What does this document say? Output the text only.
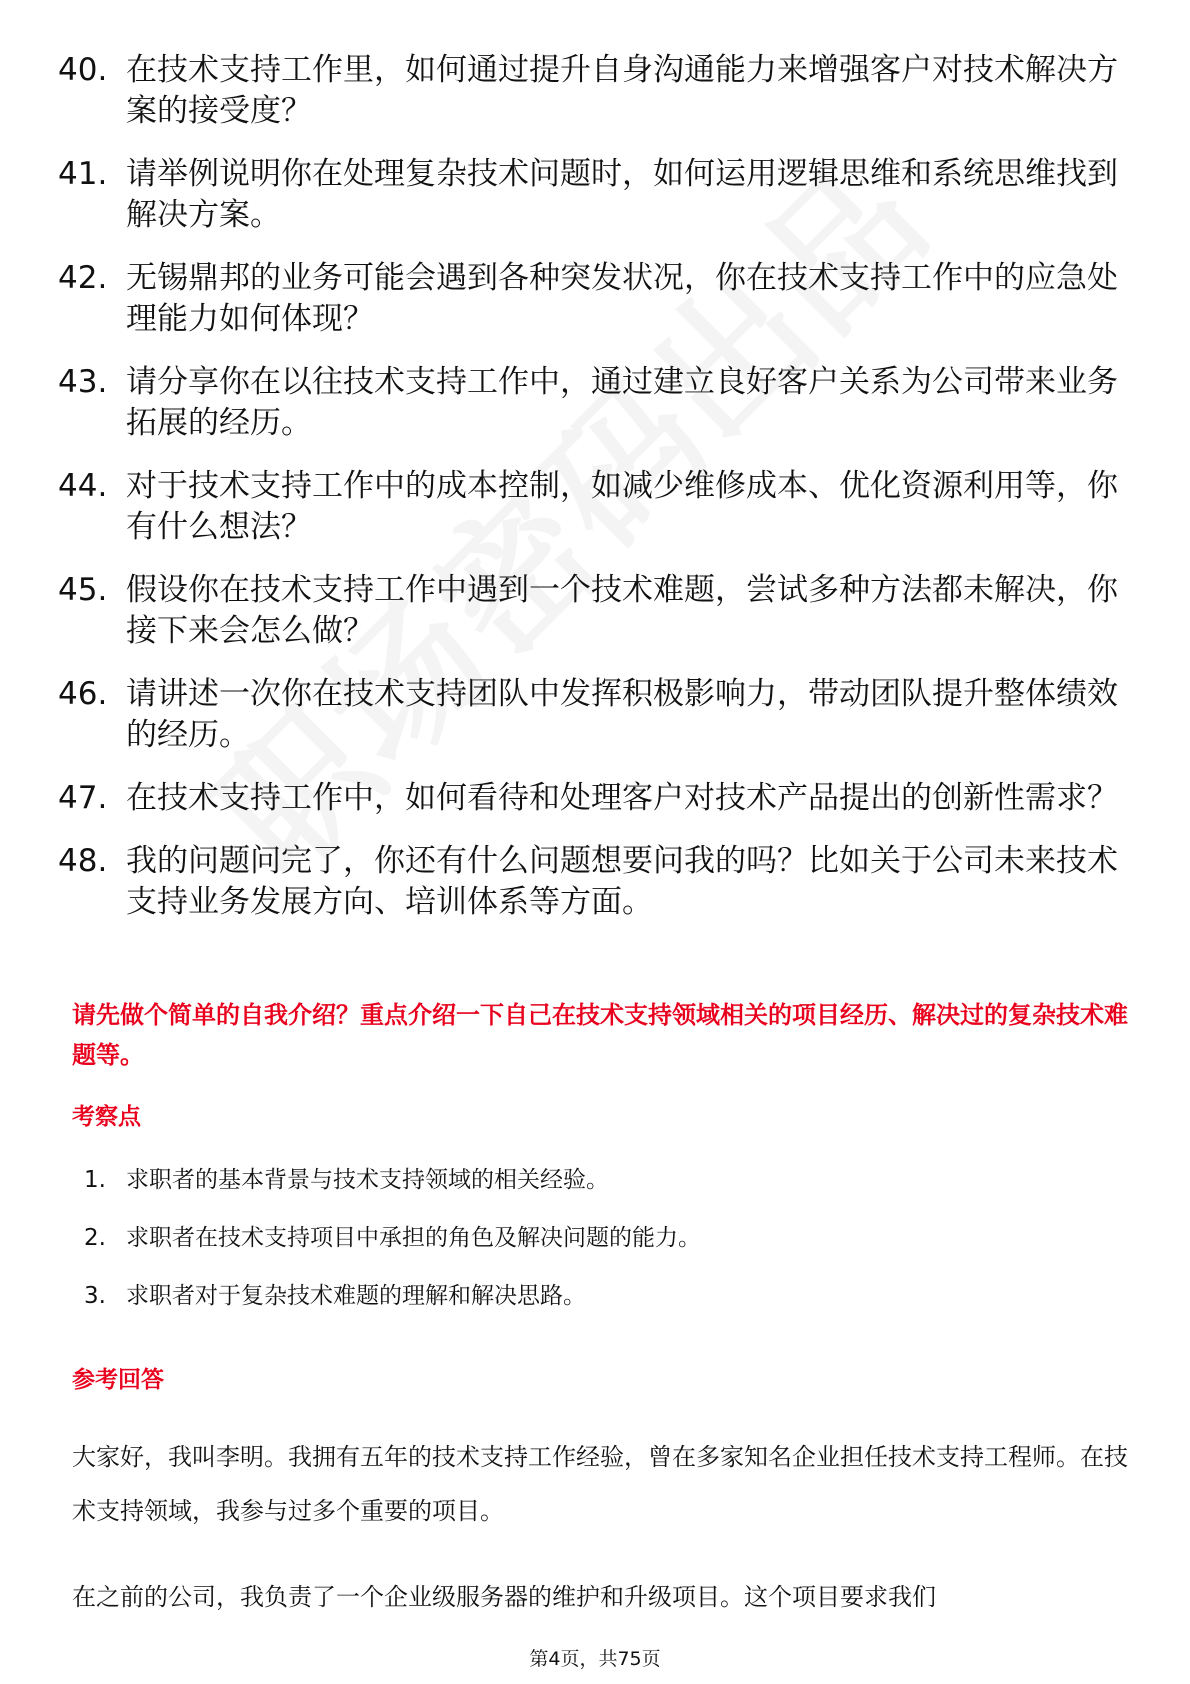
40. 在技术支持工作里，如何通过提升自身沟通能力来增强客户对技术解决方案的接受度？
41. 请举例说明你在处理复杂技术问题时，如何运用逻辑思维和系统思维找到解决方案。
42. 无锡鼎邦的业务可能会遇到各种突发状况，你在技术支持工作中的应急处理能力如何体现？
43. 请分享你在以往技术支持工作中，通过建立良好客户关系为公司带来业务拓展的经历。
44. 对于技术支持工作中的成本控制，如减少维修成本、优化资源利用等，你有什么想法？
45. 假设你在技术支持工作中遇到一个技术难题，尝试多种方法都未解决，你接下来会怎么做？
46. 请讲述一次你在技术支持团队中发挥积极影响力，带动团队提升整体绩效的经历。
47. 在技术支持工作中，如何看待和处理客户对技术产品提出的创新性需求？
48. 我的问题问完了，你还有什么问题想要问我的吗？比如关于公司未来技术支持业务发展方向、培训体系等方面。
请先做个简单的自我介绍？重点介绍一下自己在技术支持领域相关的项目经历、解决过的复杂技术难题等。
考察点
1. 求职者的基本背景与技术支持领域的相关经验。
2. 求职者在技术支持项目中承担的角色及解决问题的能力。
3. 求职者对于复杂技术难题的理解和解决思路。
参考回答
大家好，我叫李明。我拥有五年的技术支持工作经验，曾在多家知名企业担任技术支持工程师。在技术支持领域，我参与过多个重要的项目。
在之前的公司，我负责了一个企业级服务器的维护和升级项目。这个项目要求我们
第4页，共75页
